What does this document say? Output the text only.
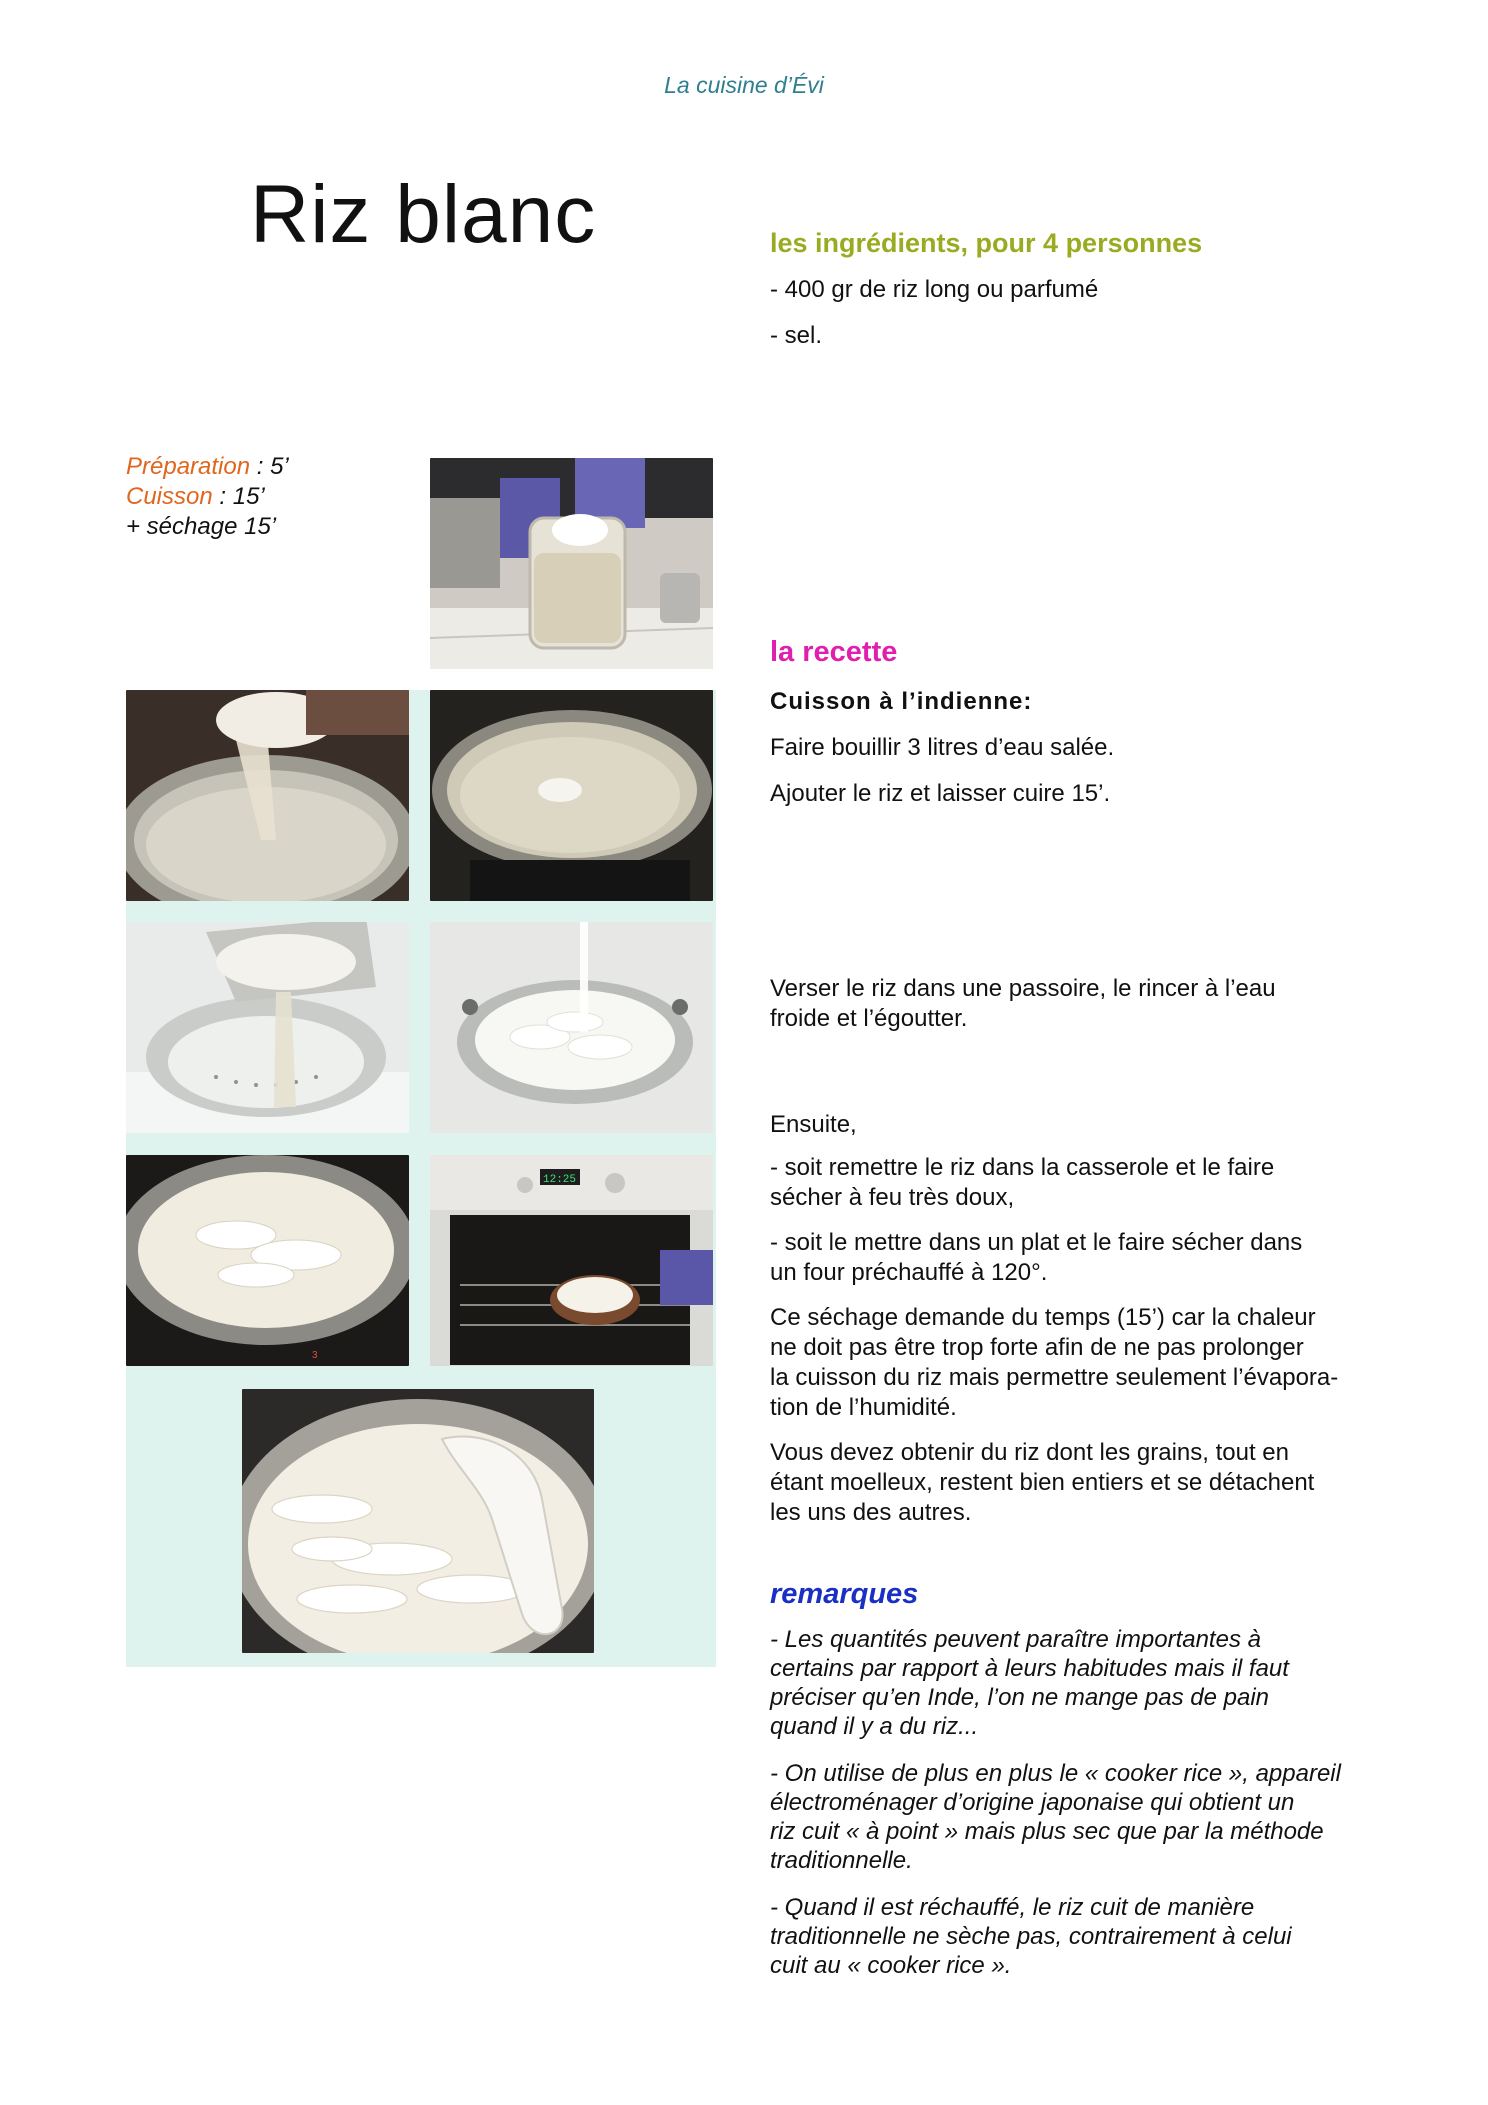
La cuisine d’Évi
Riz blanc
Préparation : 5’
Cuisson : 15’
+ séchage 15’
les ingrédients, pour 4 personnes
- 400 gr de riz long ou parfumé
- sel.
la recette
Cuisson à l’indienne:
Faire bouillir 3 litres d’eau salée.
Ajouter le riz et laisser cuire 15’.
Verser le riz dans une passoire, le rincer à l’eau
froide et l’égoutter.
Ensuite,
- soit remettre le riz dans la casserole et le faire
sécher à feu très doux,
- soit le mettre dans un plat et le faire sécher dans
un four préchauffé à 120°.
Ce séchage demande du temps (15’) car la chaleur
ne doit pas être trop forte afin de ne pas prolonger
la cuisson du riz mais permettre seulement l’évapora-
tion de l’humidité.
Vous devez obtenir du riz dont les grains, tout en
étant moelleux, restent bien entiers et se détachent
les uns des autres.
remarques
- Les quantités peuvent paraître importantes à
certains par rapport à leurs habitudes mais il faut
préciser qu’en Inde, l’on ne mange pas de pain
quand il y a du riz...
- On utilise de plus en plus le « cooker rice », appareil
électroménager d’origine japonaise qui obtient un
riz cuit « à point » mais plus sec que par la méthode
traditionnelle.
- Quand il est réchauffé, le riz cuit de manière
traditionnelle ne sèche pas, contrairement à celui
cuit au « cooker rice ».
3
12:25
